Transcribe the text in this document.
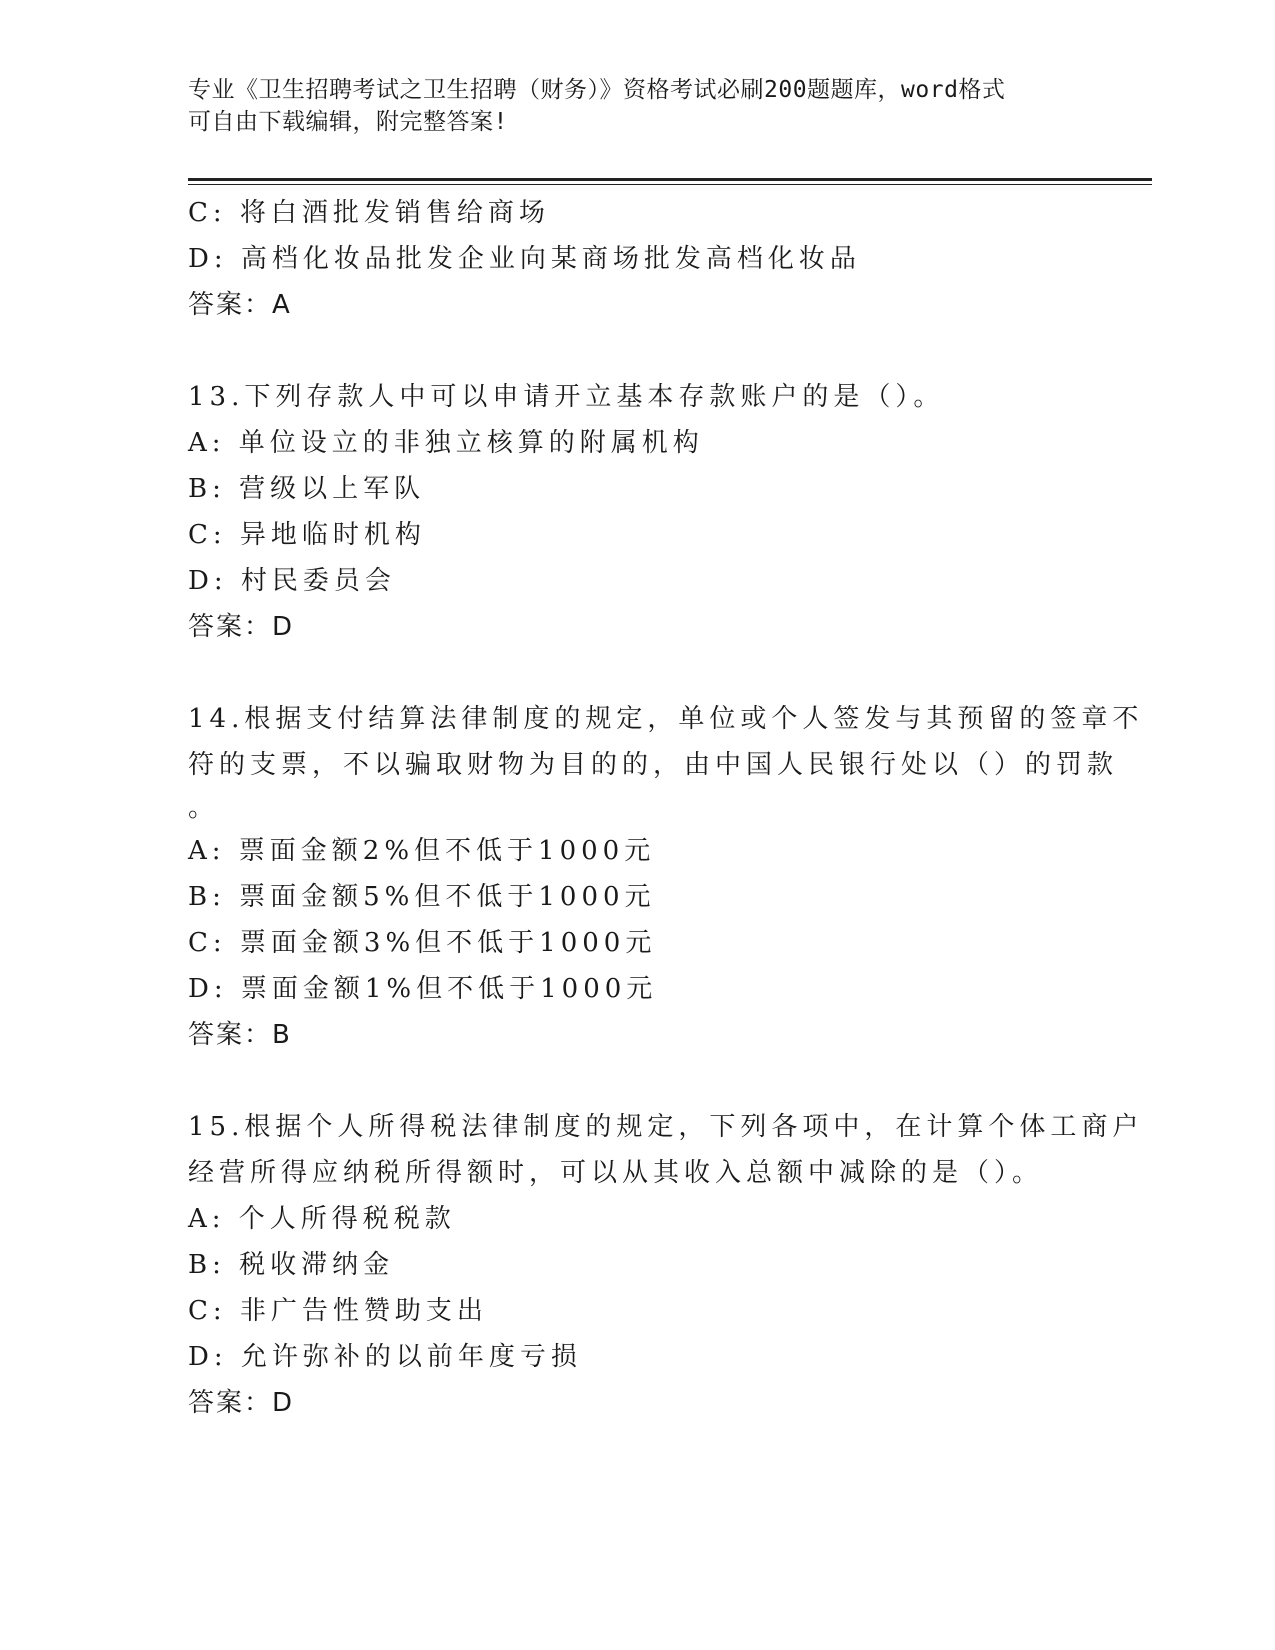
专业《卫生招聘考试之卫生招聘（财务）》资格考试必刷200题题库，word格式
可自由下载编辑，附完整答案!
C: 将白酒批发销售给商场
D: 高档化妆品批发企业向某商场批发高档化妆品
答案：A
13.下列存款人中可以申请开立基本存款账户的是（）。
A: 单位设立的非独立核算的附属机构
B: 营级以上军队
C: 异地临时机构
D: 村民委员会
答案：D
14.根据支付结算法律制度的规定，单位或个人签发与其预留的签章不
符的支票，不以骗取财物为目的的，由中国人民银行处以（）的罚款
。
A: 票面金额2%但不低于1000元
B: 票面金额5%但不低于1000元
C: 票面金额3%但不低于1000元
D: 票面金额1%但不低于1000元
答案：B
15.根据个人所得税法律制度的规定，下列各项中，在计算个体工商户
经营所得应纳税所得额时，可以从其收入总额中减除的是（）。
A: 个人所得税税款
B: 税收滞纳金
C: 非广告性赞助支出
D: 允许弥补的以前年度亏损
答案：D
